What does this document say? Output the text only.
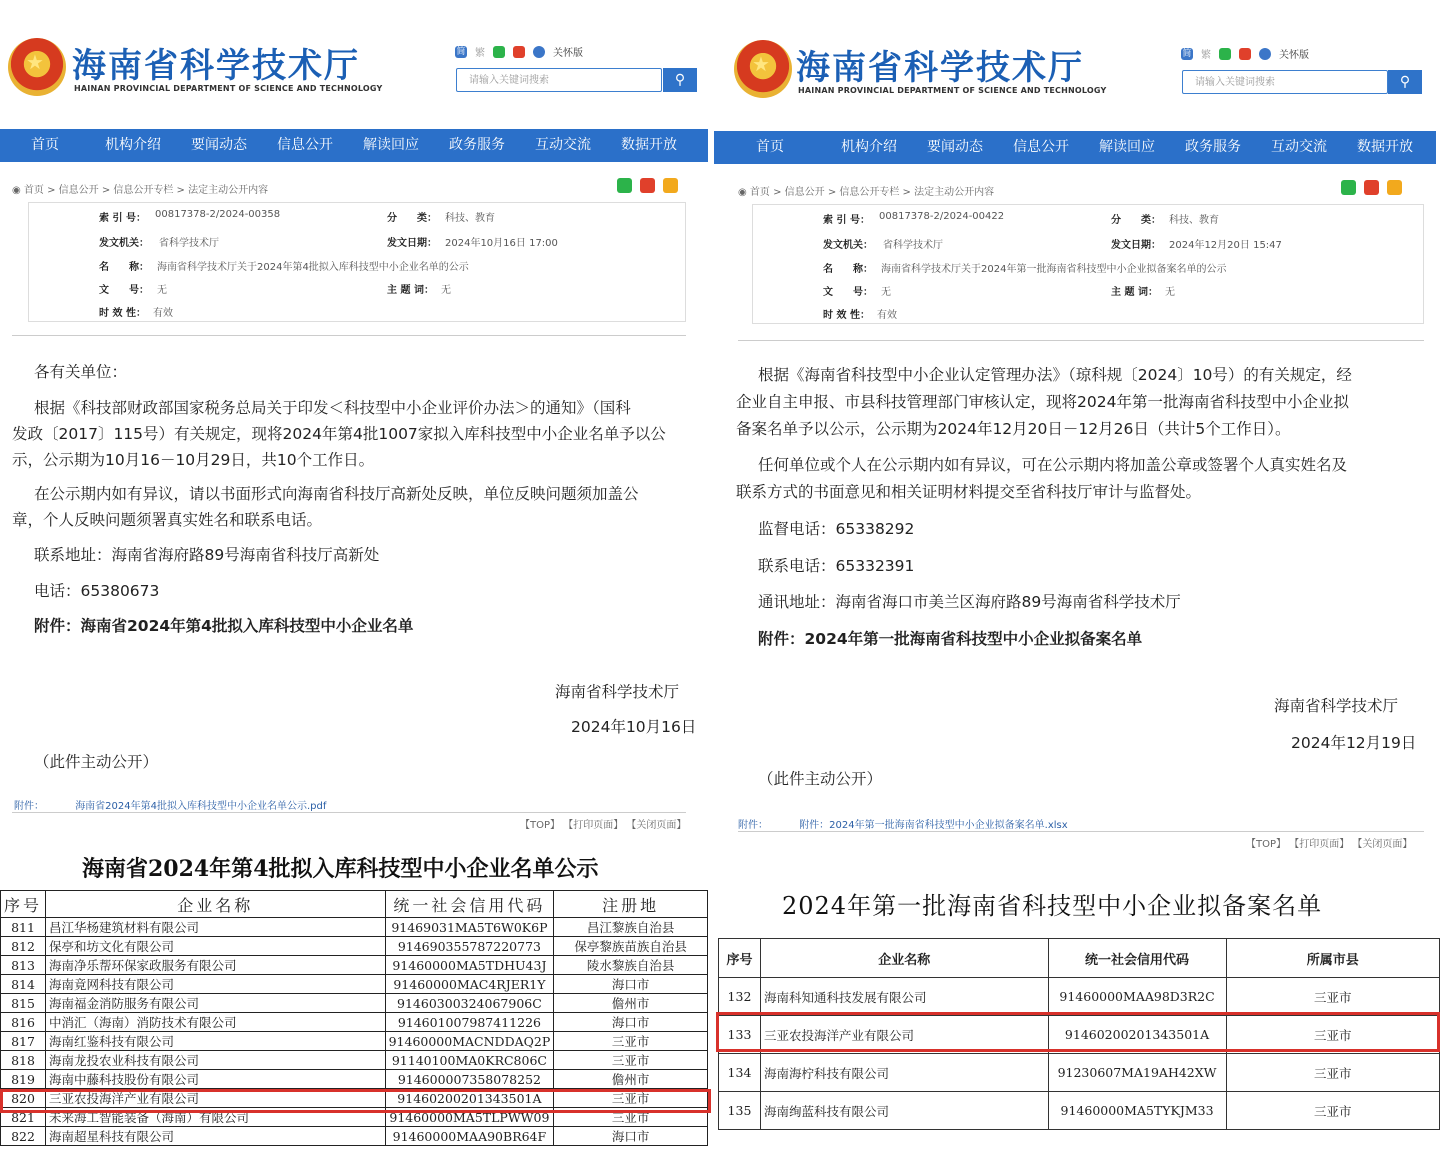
★
海南省科学技术厅
HAINAN PROVINCIAL DEPARTMENT OF SCIENCE AND TECHNOLOGY
简 繁	关怀版
请输入关键词搜索	⚲
首页	机构介绍	要闻动态	信息公开	解读回应	政务服务	互动交流	数据开放
◉ 首页 > 信息公开 > 信息公开专栏 > 法定主动公开内容
索 引 号： 00817378-2/2024-00358	分　　类： 科技、教育
发文机关： 省科学技术厅	发文日期： 2024年10月16日 17:00
名　　称： 海南省科学技术厅关于2024年第4批拟入库科技型中小企业名单的公示
文　　号： 无	主 题 词： 无
时 效 性： 有效
各有关单位：
根据《科技部财政部国家税务总局关于印发＜科技型中小企业评价办法＞的通知》（国科
发政〔2017〕115号）有关规定，现将2024年第4批1007家拟入库科技型中小企业名单予以公
示，公示期为10月16－10月29日，共10个工作日。
在公示期内如有异议，请以书面形式向海南省科技厅高新处反映，单位反映问题须加盖公
章，个人反映问题须署真实姓名和联系电话。
联系地址：海南省海府路89号海南省科技厅高新处
电话：65380673
附件：海南省2024年第4批拟入库科技型中小企业名单
海南省科学技术厅
2024年10月16日
（此件主动公开）
附件：	海南省2024年第4批拟入库科技型中小企业名单公示.pdf
【TOP】 【打印页面】 【关闭页面】
★
海南省科学技术厅
HAINAN PROVINCIAL DEPARTMENT OF SCIENCE AND TECHNOLOGY
简 繁	关怀版
请输入关键词搜索	⚲
首页	机构介绍	要闻动态	信息公开	解读回应	政务服务	互动交流	数据开放
◉ 首页 > 信息公开 > 信息公开专栏 > 法定主动公开内容
索 引 号： 00817378-2/2024-00422	分　　类： 科技、教育
发文机关： 省科学技术厅	发文日期： 2024年12月20日 15:47
名　　称： 海南省科学技术厅关于2024年第一批海南省科技型中小企业拟备案名单的公示
文　　号： 无	主 题 词： 无
时 效 性： 有效
根据《海南省科技型中小企业认定管理办法》（琼科规〔2024〕10号）的有关规定，经
企业自主申报、市县科技管理部门审核认定，现将2024年第一批海南省科技型中小企业拟
备案名单予以公示，公示期为2024年12月20日－12月26日（共计5个工作日）。
任何单位或个人在公示期内如有异议，可在公示期内将加盖公章或签署个人真实姓名及
联系方式的书面意见和相关证明材料提交至省科技厅审计与监督处。
监督电话：65338292
联系电话：65332391
通讯地址：海南省海口市美兰区海府路89号海南省科学技术厅
附件：2024年第一批海南省科技型中小企业拟备案名单
海南省科学技术厅
2024年12月19日
（此件主动公开）
附件：	附件：2024年第一批海南省科技型中小企业拟备案名单.xlsx
【TOP】 【打印页面】 【关闭页面】
海南省2024年第4批拟入库科技型中小企业名单公示
序号	企业名称	统一社会信用代码	注册地
811	昌江华杨建筑材料有限公司	91469031MA5T6W0K6P	昌江黎族自治县
812	保亭和坊文化有限公司	914690355787220773	保亭黎族苗族自治县
813	海南净乐帮环保家政服务有限公司	91460000MA5TDHU43J	陵水黎族自治县
814	海南竟网科技有限公司	91460000MAC4RJER1Y	海口市
815	海南福金消防服务有限公司	91460300324067906C	儋州市
816	中消汇（海南）消防技术有限公司	914601007987411226	海口市
817	海南红鉴科技有限公司	91460000MACNDDAQ2P	三亚市
818	海南龙投农业科技有限公司	91140100MA0KRC806C	三亚市
819	海南中藤科技股份有限公司	914600007358078252	儋州市
820	三亚农投海洋产业有限公司	91460200201343501A	三亚市
821	未来海工智能装备（海南）有限公司	91460000MA5TLPWW09	三亚市
822	海南超星科技有限公司	91460000MAA90BR64F	海口市
2024年第一批海南省科技型中小企业拟备案名单
序号	企业名称	统一社会信用代码	所属市县
132	海南科知通科技发展有限公司	91460000MAA98D3R2C	三亚市
133	三亚农投海洋产业有限公司	91460200201343501A	三亚市
134	海南海柠科技有限公司	91230607MA19AH42XW	三亚市
135	海南绚蓝科技有限公司	91460000MA5TYKJM33	三亚市
